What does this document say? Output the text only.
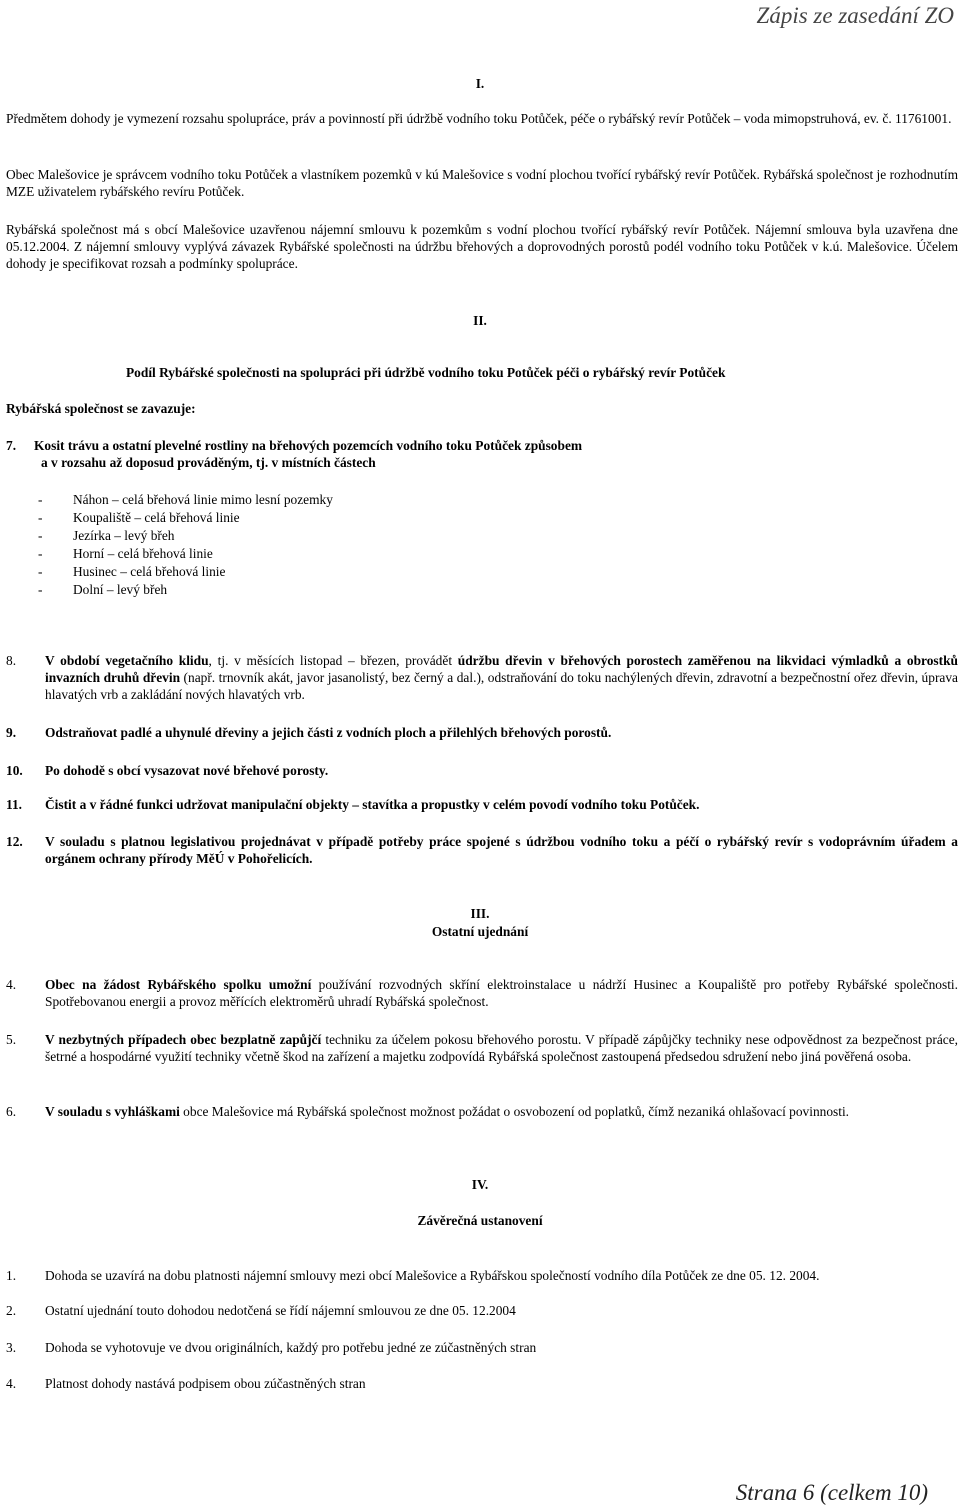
Zápis ze zasedání ZO
I.

Předmětem dohody je vymezení rozsahu spolupráce, práv a povinností při údržbě vodního toku Potůček, péče o rybářský revír Potůček – voda mimopstruhová, ev. č. 11761001.

Obec Malešovice je správcem vodního toku Potůček a vlastníkem pozemků v kú Malešovice s vodní plochou tvořící rybářský revír Potůček. Rybářská společnost je rozhodnutím MZE uživatelem rybářského revíru Potůček.

Rybářská společnost má s obcí Malešovice uzavřenou nájemní smlouvu k pozemkům s vodní plochou tvořící rybářský revír Potůček. Nájemní smlouva byla uzavřena dne 05.12.2004. Z nájemní smlouvy vyplývá závazek Rybářské společnosti na údržbu břehových a doprovodných porostů podél vodního toku Potůček v k.ú. Malešovice. Účelem dohody je specifikovat rozsah a podmínky spolupráce.

II.
Podíl Rybářské společnosti na spolupráci při údržbě vodního toku Potůček péči o rybářský revír Potůček
Rybářská společnost se zavazuje:
7. Kosit trávu a ostatní plevelné rostliny na břehových pozemcích vodního toku Potůček způsobem
a v rozsahu až doposud prováděným, tj. v místních částech
- Náhon – celá břehová linie mimo lesní pozemky
- Koupaliště – celá břehová linie
- Jezírka – levý břeh
- Horní – celá břehová linie
- Husinec – celá břehová linie
- Dolní – levý břeh
8. V období vegetačního klidu, tj. v měsících listopad – březen, provádět údržbu dřevin v břehových porostech zaměřenou na likvidaci výmladků a obrostků invazních druhů dřevin (např. trnovník akát, javor jasanolistý, bez černý a dal.), odstraňování do toku nachýlených dřevin, zdravotní a bezpečnostní ořez dřevin, úprava hlavatých vrb a zakládání nových hlavatých vrb.
9. Odstraňovat padlé a uhynulé dřeviny a jejich části z vodních ploch a přilehlých břehových porostů.
10. Po dohodě s obcí vysazovat nové břehové porosty.
11. Čistit a v řádné funkci udržovat manipulační objekty – stavítka a propustky v celém povodí vodního toku Potůček.
12. V souladu s platnou legislativou projednávat v případě potřeby práce spojené s údržbou vodního toku a péčí o rybářský revír s vodoprávním úřadem a orgánem ochrany přírody MěÚ v Pohořelicích.
III.
Ostatní ujednání
4. Obec na žádost Rybářského spolku umožní používání rozvodných skříní elektroinstalace u nádrží Husinec a Koupaliště pro potřeby Rybářské společnosti. Spotřebovanou energii a provoz měřících elektroměrů uhradí Rybářská společnost.
5. V nezbytných případech obec bezplatně zapůjčí techniku za účelem pokosu břehového porostu. V případě zápůjčky techniky nese odpovědnost za bezpečnost práce, šetrné a hospodárné využití techniky včetně škod na zařízení a majetku zodpovídá Rybářská společnost zastoupená předsedou sdružení nebo jiná pověřená osoba.
6. V souladu s vyhláškami obce Malešovice má Rybářská společnost možnost požádat o osvobození od poplatků, čímž nezaniká ohlašovací povinnosti.
IV.
Závěrečná ustanovení
1. Dohoda se uzavírá na dobu platnosti nájemní smlouvy mezi obcí Malešovice a Rybářskou společností vodního díla Potůček ze dne 05. 12. 2004.
2. Ostatní ujednání touto dohodou nedotčená se řídí nájemní smlouvou ze dne 05. 12.2004
3. Dohoda se vyhotovuje ve dvou originálních, každý pro potřebu jedné ze zúčastněných stran
4. Platnost dohody nastává podpisem obou zúčastněných stran
Strana 6 (celkem 10)
